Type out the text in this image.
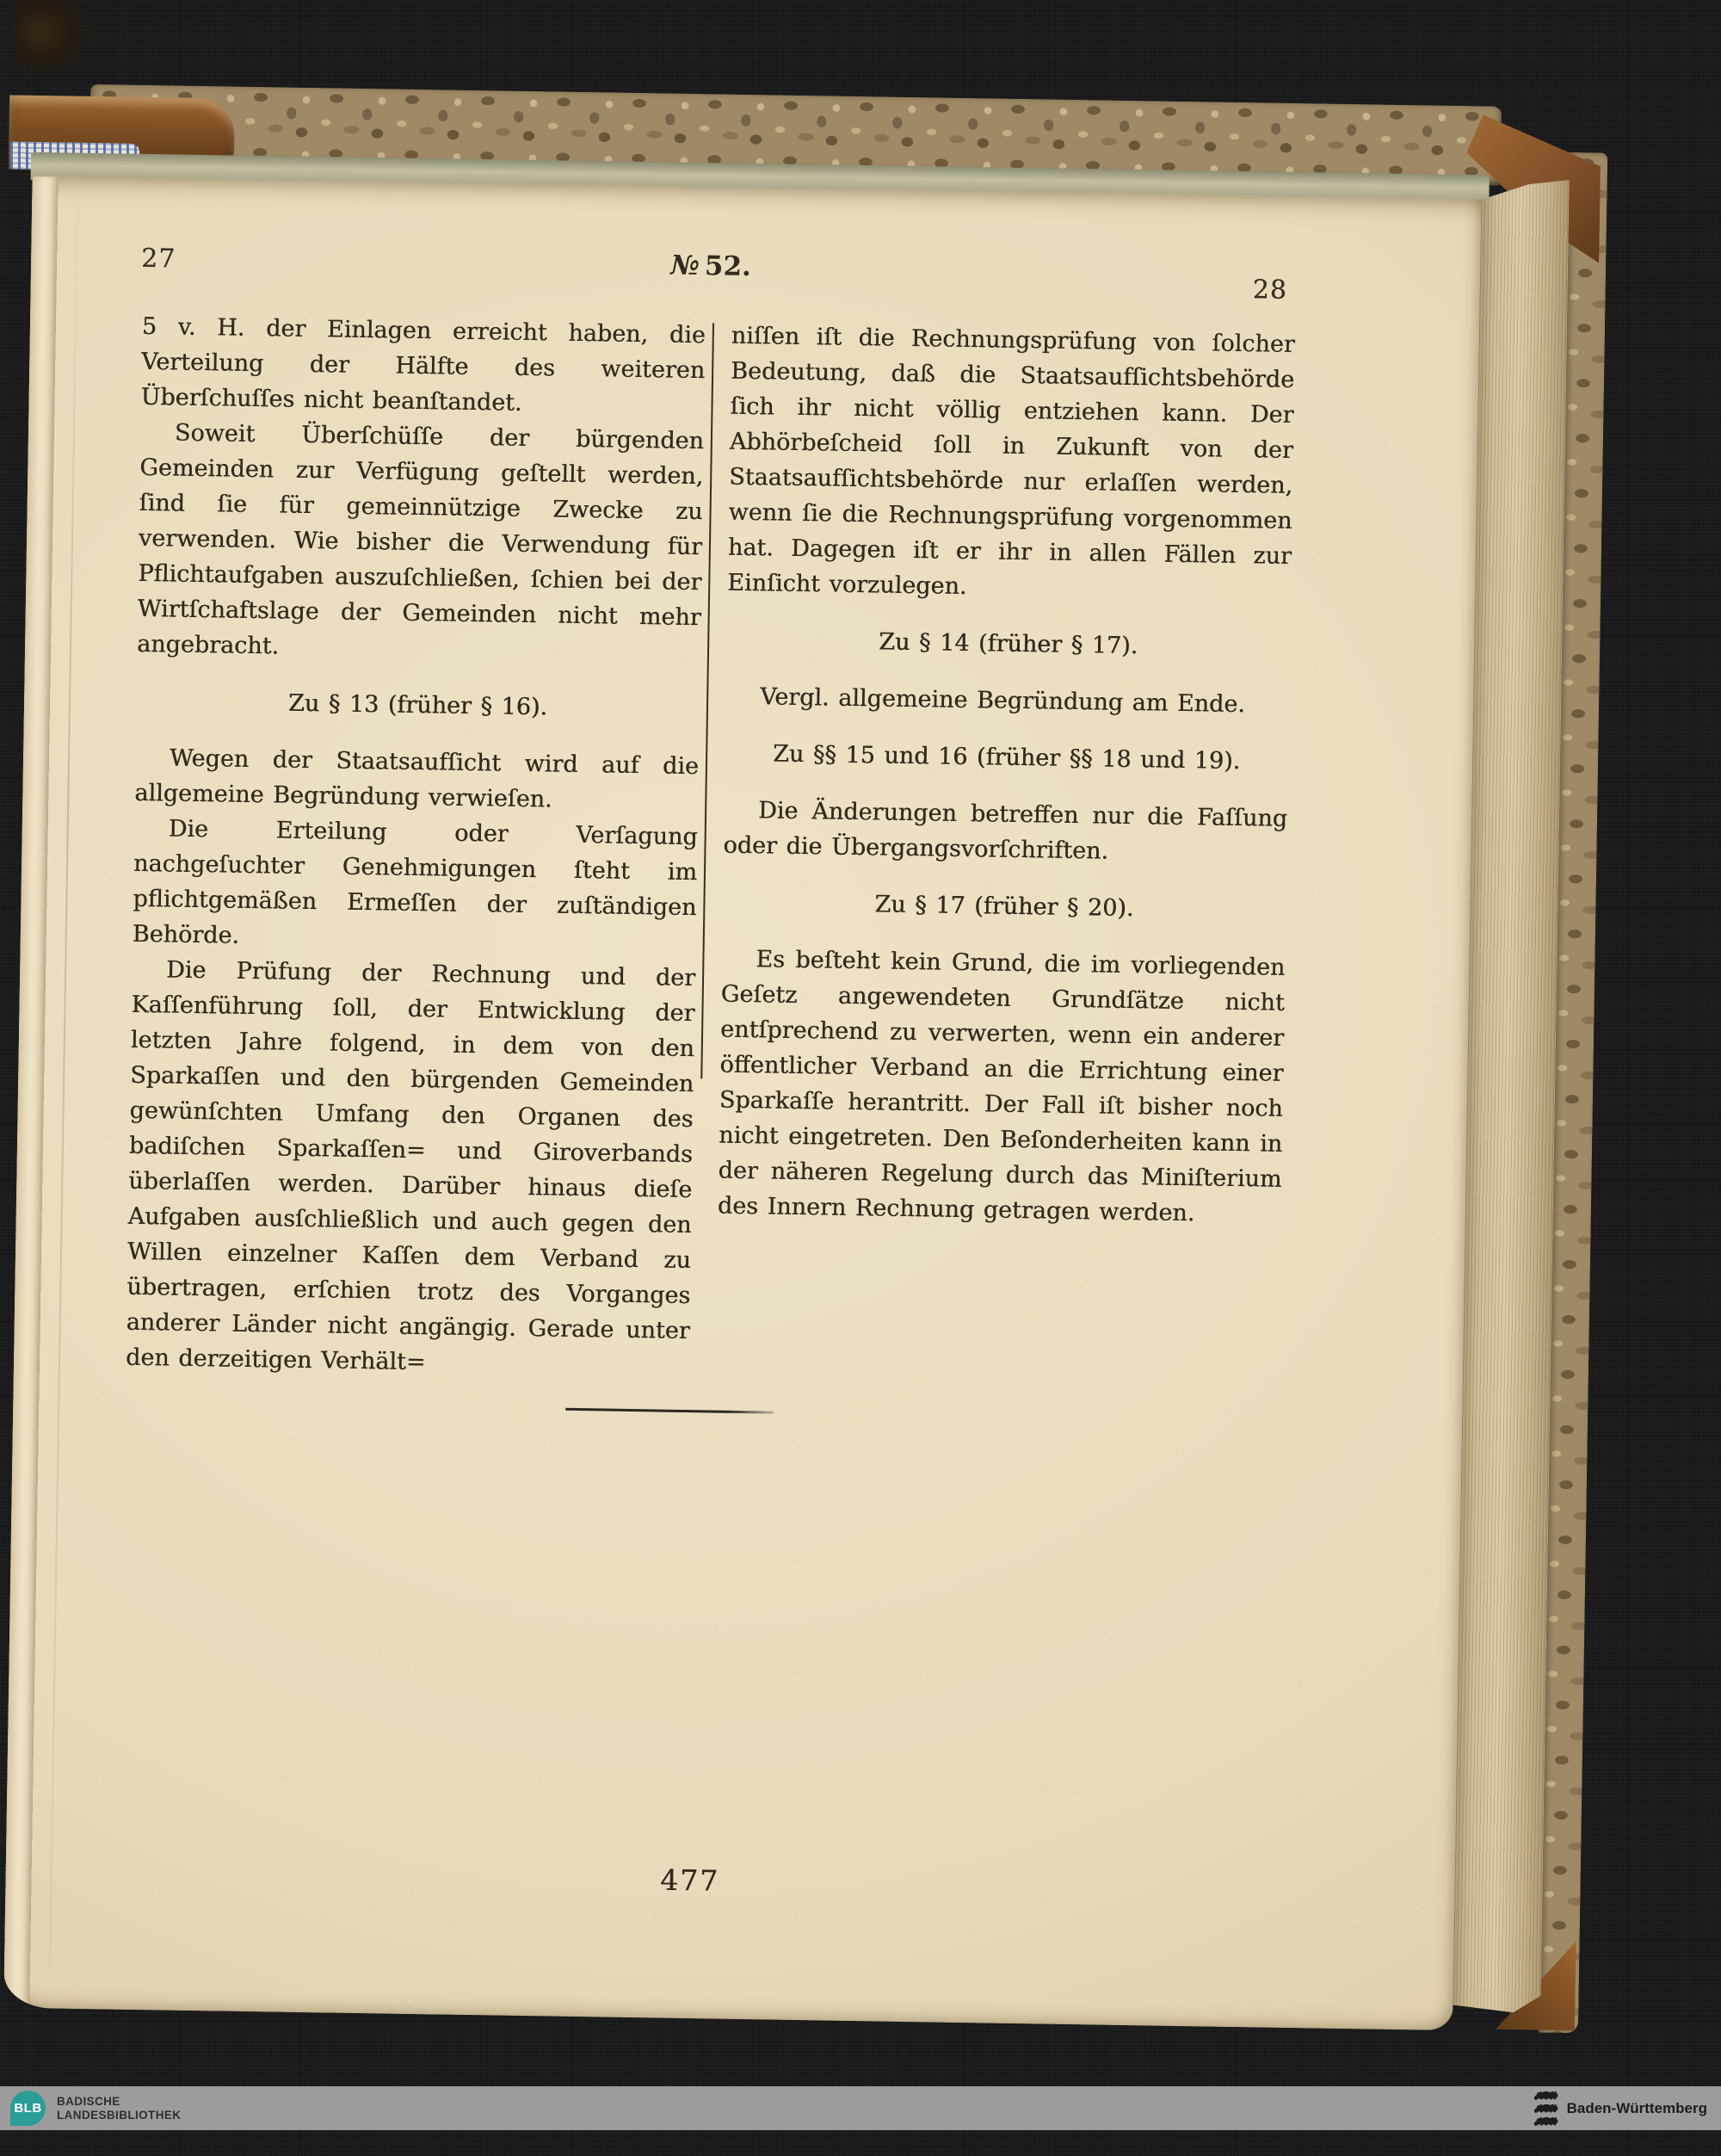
27	№ 52.
28

5 v. H. der Einlagen erreicht haben, die Verteilung der Hälfte des weiteren Überſchuſſes nicht beanſtandet.

Soweit Überſchüſſe der bürgenden Gemeinden zur Verfügung geſtellt werden, ſind ſie für gemeinnützige Zwecke zu verwenden. Wie bisher die Verwendung für Pflichtaufgaben auszuſchließen, ſchien bei der Wirtſchaftslage der Gemeinden nicht mehr angebracht.

Zu § 13 (früher § 16).

Wegen der Staatsaufſicht wird auf die allgemeine Begründung verwieſen.

Die Erteilung oder Verſagung nachgeſuchter Genehmigungen ſteht im pflichtgemäßen Ermeſſen der zuſtändigen Behörde.

Die Prüfung der Rechnung und der Kaſſenführung ſoll, der Entwicklung der letzten Jahre folgend, in dem von den Sparkaſſen und den bürgenden Gemeinden gewünſchten Umfang den Organen des badiſchen Sparkaſſen= und Giroverbands überlaſſen werden. Darüber hinaus dieſe Aufgaben ausſchließlich und auch gegen den Willen einzelner Kaſſen dem Verband zu übertragen, erſchien trotz des Vorganges anderer Länder nicht angängig. Gerade unter den derzeitigen Verhält=

niſſen iſt die Rechnungsprüfung von ſolcher Bedeutung, daß die Staatsaufſichtsbehörde ſich ihr nicht völlig entziehen kann. Der Abhörbeſcheid ſoll in Zukunft von der Staatsaufſichtsbehörde nur erlaſſen werden, wenn ſie die Rechnungsprüfung vorgenommen hat. Dagegen iſt er ihr in allen Fällen zur Einſicht vorzulegen.

Zu § 14 (früher § 17).

Vergl. allgemeine Begründung am Ende.

Zu §§ 15 und 16 (früher §§ 18 und 19).

Die Änderungen betreffen nur die Faſſung oder die Übergangsvorſchriften.

Zu § 17 (früher § 20).

Es beſteht kein Grund, die im vorliegenden Geſetz angewendeten Grundſätze nicht entſprechend zu verwerten, wenn ein anderer öffentlicher Verband an die Errichtung einer Sparkaſſe herantritt. Der Fall iſt bisher noch nicht eingetreten. Den Beſonderheiten kann in der näheren Regelung durch das Miniſterium des Innern Rechnung getragen werden.

477
BLB	BADISCHE
LANDESBIBLIOTHEK	Baden-Württemberg
